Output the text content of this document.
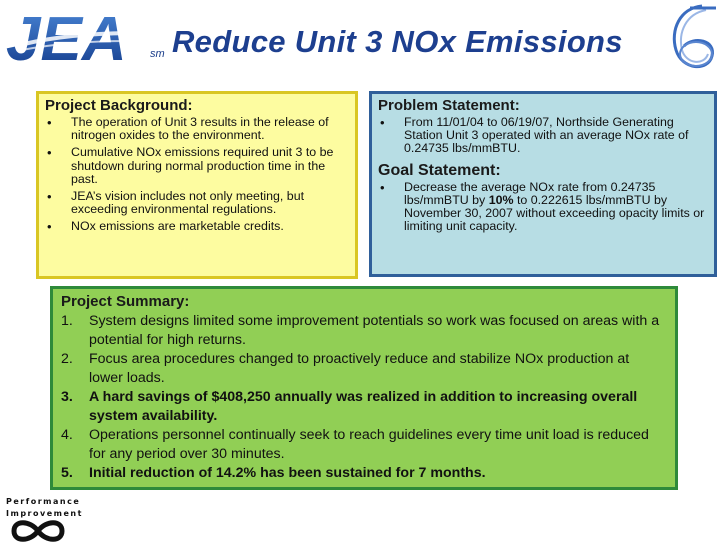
JEA sm Reduce Unit 3 NOx Emissions
Project Background:
• The operation of Unit 3 results in the release of nitrogen oxides to the environment.
• Cumulative NOx emissions required unit 3 to be shutdown during normal production time in the past.
• JEA’s vision includes not only meeting, but exceeding environmental regulations.
• NOx emissions are marketable credits.
Problem Statement:
• From 11/01/04 to 06/19/07, Northside Generating Station Unit 3 operated with an average NOx rate of 0.24735 lbs/mmBTU.
Goal Statement:
• Decrease the average NOx rate from 0.24735 lbs/mmBTU by 10% to 0.222615 lbs/mmBTU by November 30, 2007 without exceeding opacity limits or limiting unit capacity.
Project Summary:
1. System designs limited some improvement potentials so work was focused on areas with a potential for high returns.
2. Focus area procedures changed to proactively reduce and stabilize NOx production at lower loads.
3. A hard savings of $408,250 annually was realized in addition to increasing overall system availability.
4. Operations personnel continually seek to reach guidelines every time unit load is reduced for any period over 30 minutes.
5. Initial reduction of 14.2% has been sustained for 7 months.
Performance
Improvement
